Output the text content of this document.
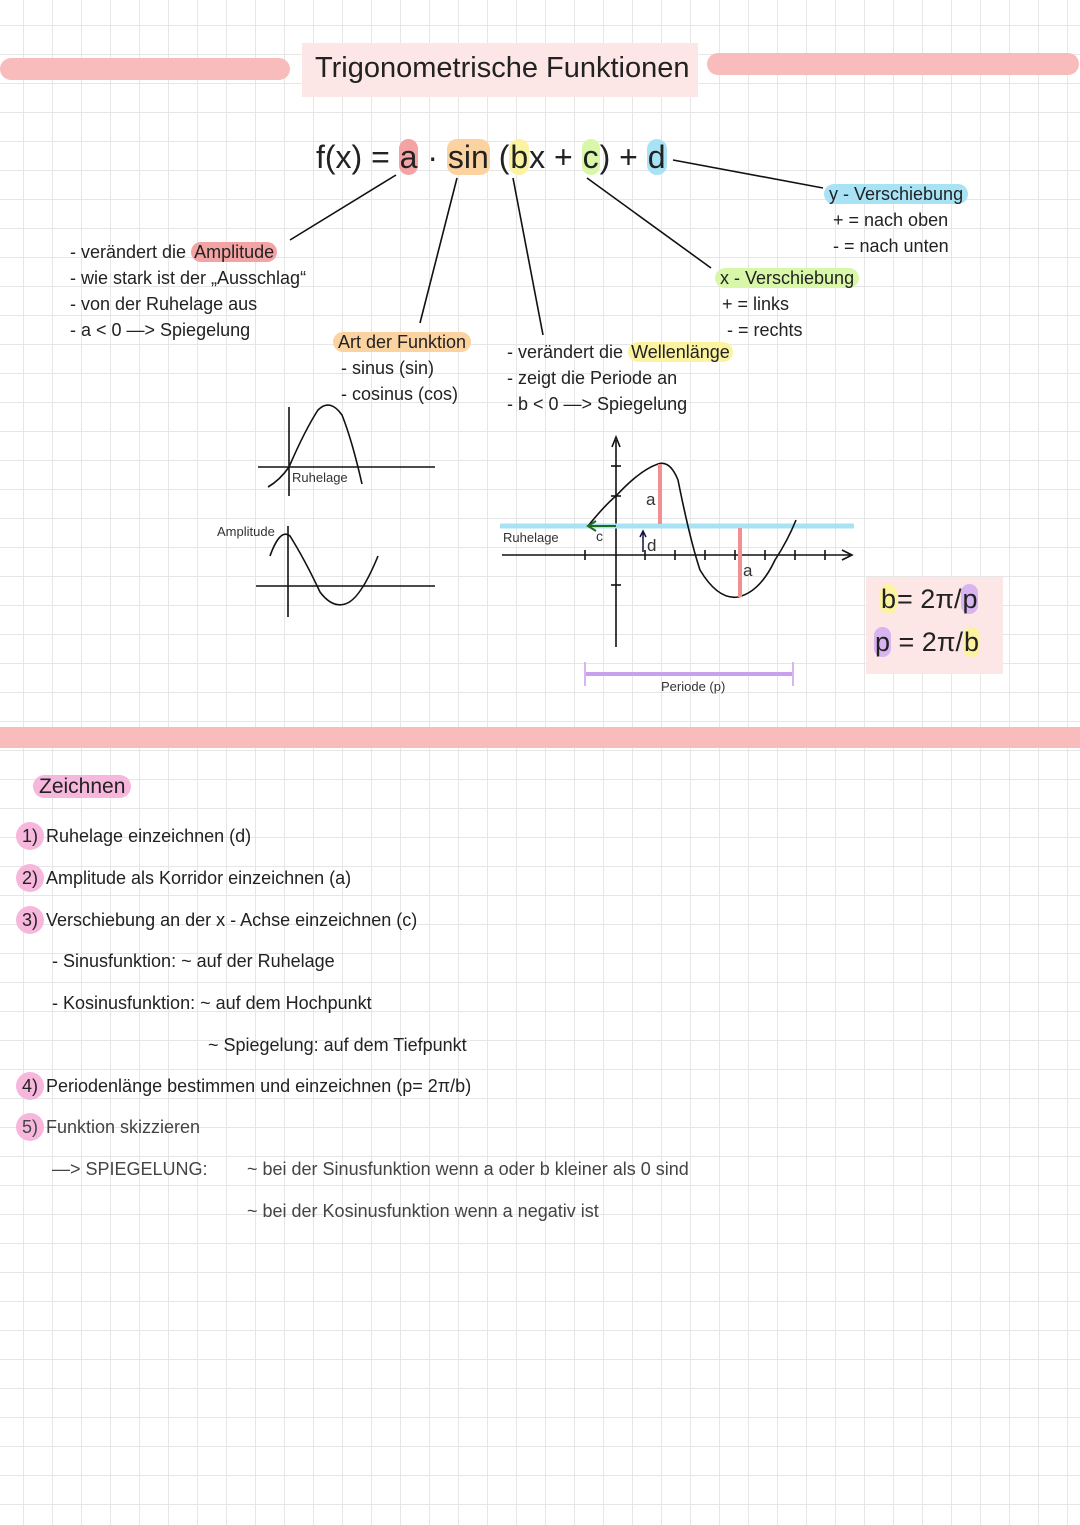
Trigonometrische Funktionen
f(x) = a · sin (bx + c) + d
Ruhelage
Amplitude	Ruhelage
Periode (p)
c	d
a
a
- verändert die Amplitude
- wie stark ist der „Ausschlag“
- von der Ruhelage aus
- a < 0 —> Spiegelung
Art der Funktion
- sinus (sin)
- cosinus (cos)
- verändert die Wellenlänge
- zeigt die Periode an
- b < 0 —> Spiegelung
x - Verschiebung
+ = links
- = rechts
y - Verschiebung
+ = nach oben
- = nach unten
b= 2π/p
p = 2π/b
Zeichnen
1) Ruhelage einzeichnen (d)
2) Amplitude als Korridor einzeichnen (a)
3) Verschiebung an der x - Achse einzeichnen (c)
- Sinusfunktion: ~ auf der Ruhelage
- Kosinusfunktion: ~ auf dem Hochpunkt
~ Spiegelung: auf dem Tiefpunkt
4) Periodenlänge bestimmen und einzeichnen (p= 2π/b)
5) Funktion skizzieren
—> SPIEGELUNG: ~ bei der Sinusfunktion wenn a oder b kleiner als 0 sind
~ bei der Kosinusfunktion wenn a negativ ist
